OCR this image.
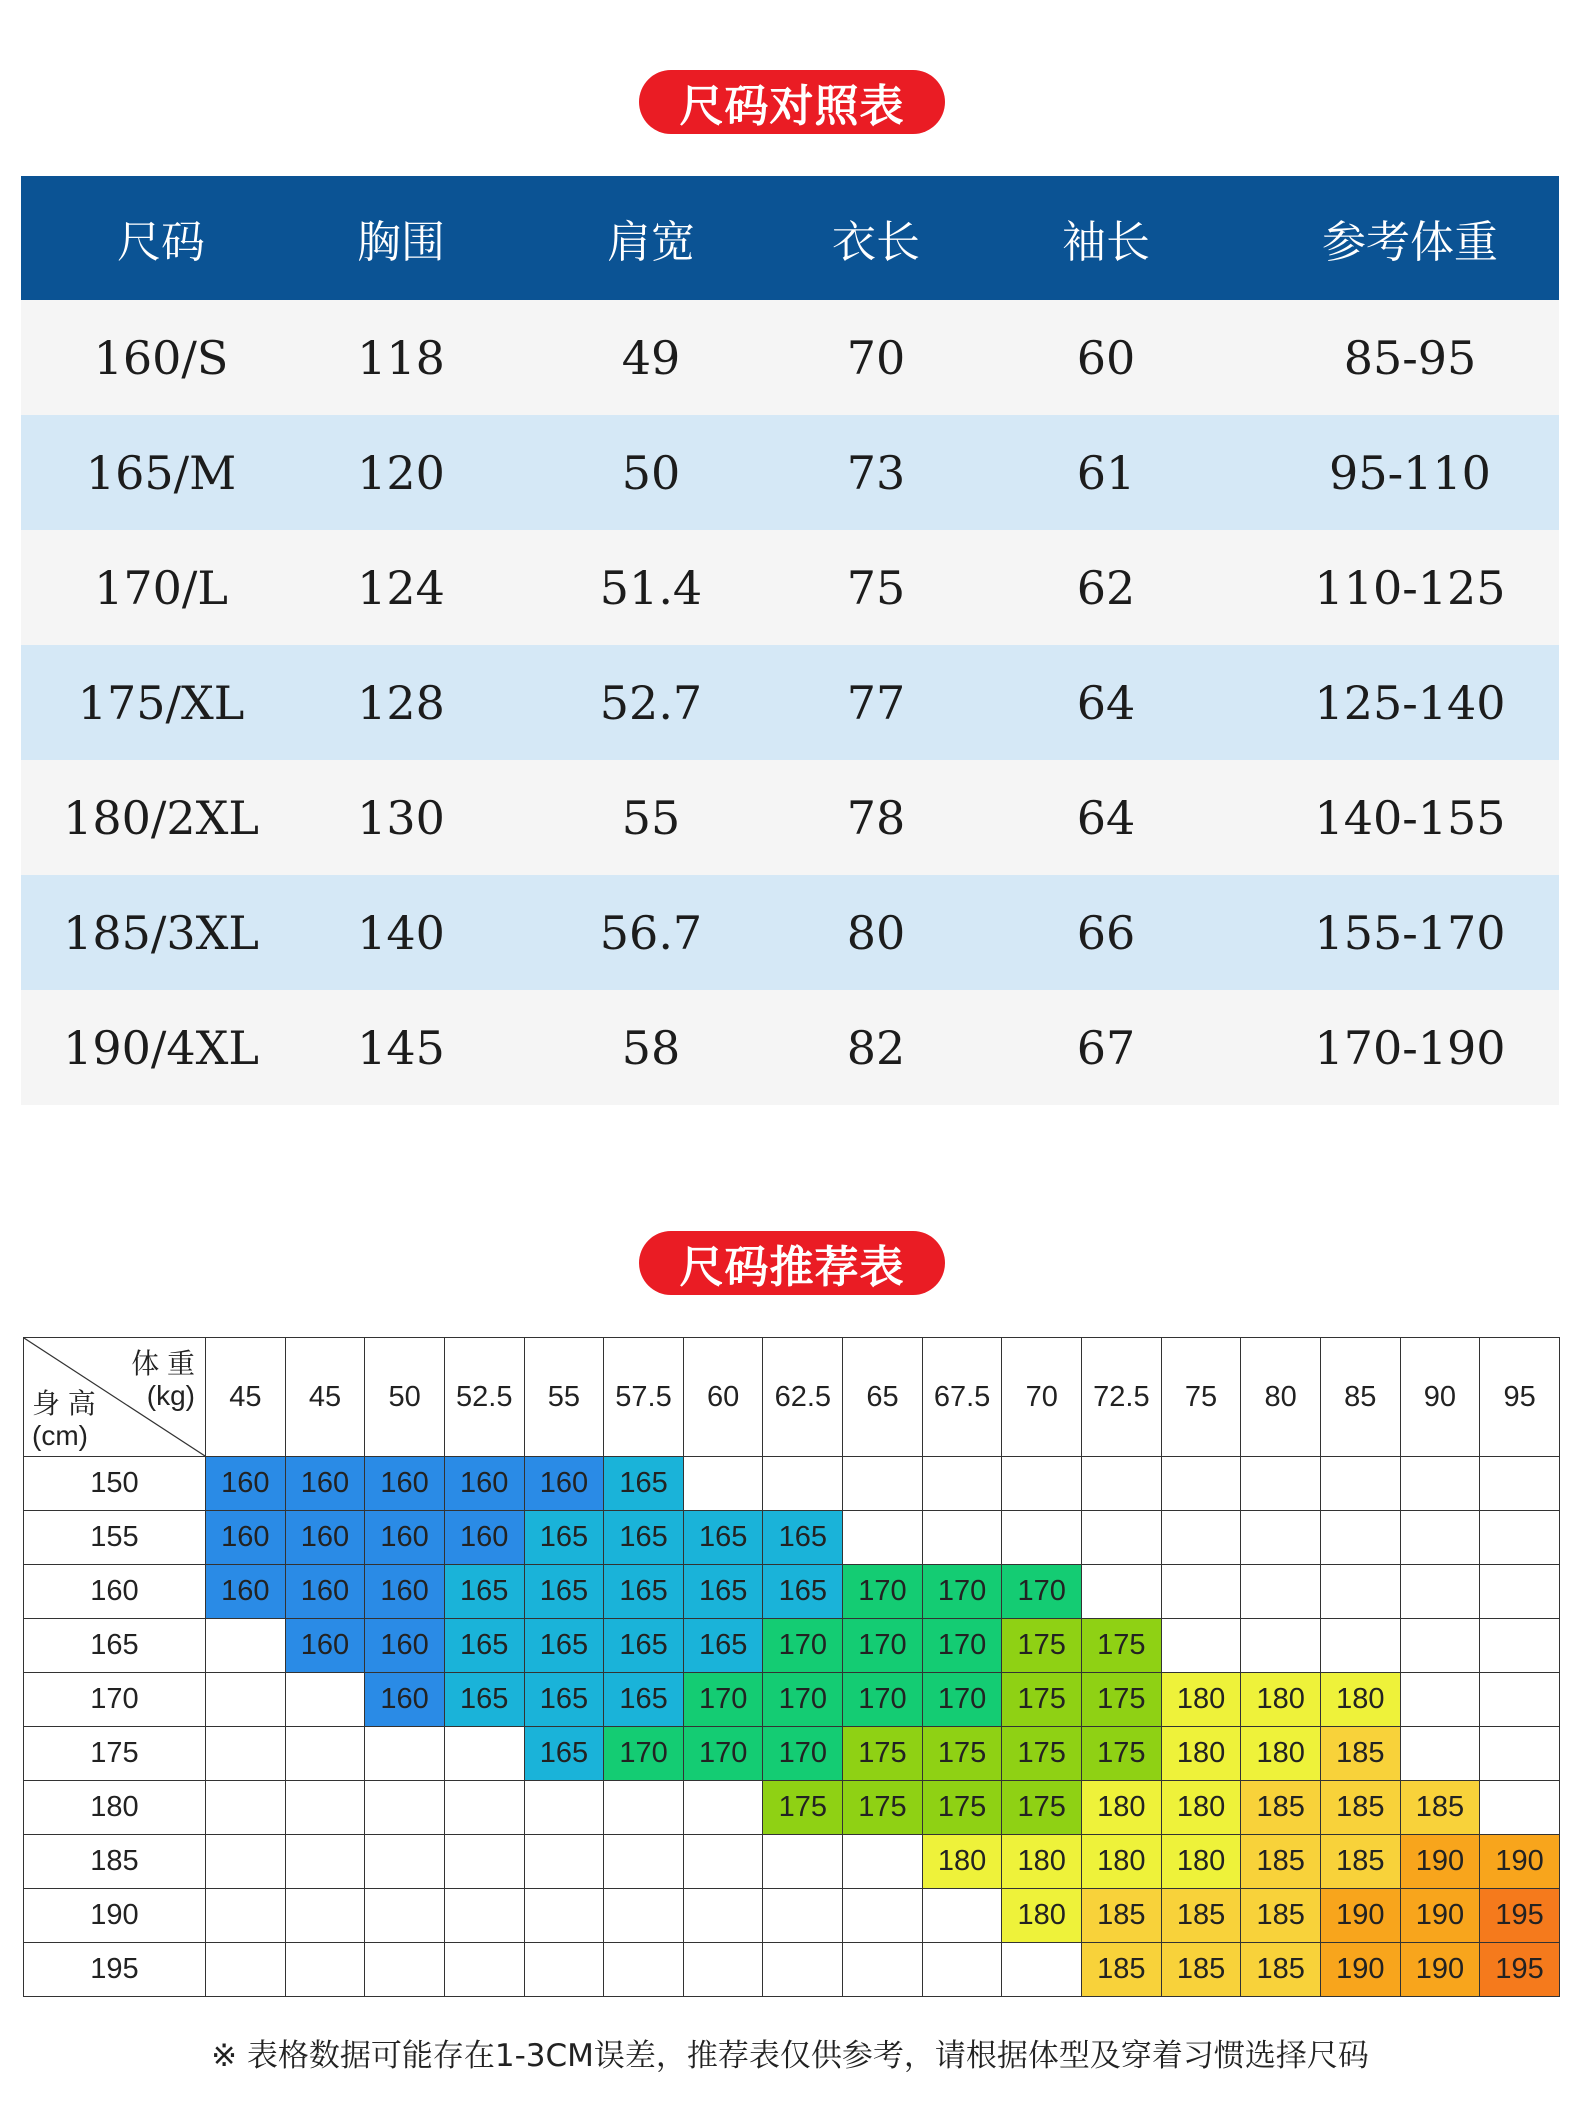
尺码对照表
尺码	胸围	肩宽	衣长	袖长	参考体重
160/S	118	49	70	60	85-95
165/M	120	50	73	61	95-110
170/L	124	51.4	75	62	110-125
175/XL	128	52.7	77	64	125-140
180/2XL	130	55	78	64	140-155
185/3XL	140	56.7	80	66	155-170
190/4XL	145	58	82	67	170-190
尺码推荐表
体 重
(kg)
身 高
(cm)	45	45	50	52.5	55	57.5	60	62.5	65	67.5	70	72.5	75	80	85	90	95
150	160	160	160	160	160	165											
155	160	160	160	160	165	165	165	165									
160	160	160	160	165	165	165	165	165	170	170	170						
165		160	160	165	165	165	165	170	170	170	175	175					
170			160	165	165	165	170	170	170	170	175	175	180	180	180		
175					165	170	170	170	175	175	175	175	180	180	185		
180								175	175	175	175	180	180	185	185	185	
185										180	180	180	180	185	185	190	190
190											180	185	185	185	190	190	195
195												185	185	185	190	190	195
※ 表格数据可能存在1-3CM误差，推荐表仅供参考，请根据体型及穿着习惯选择尺码
